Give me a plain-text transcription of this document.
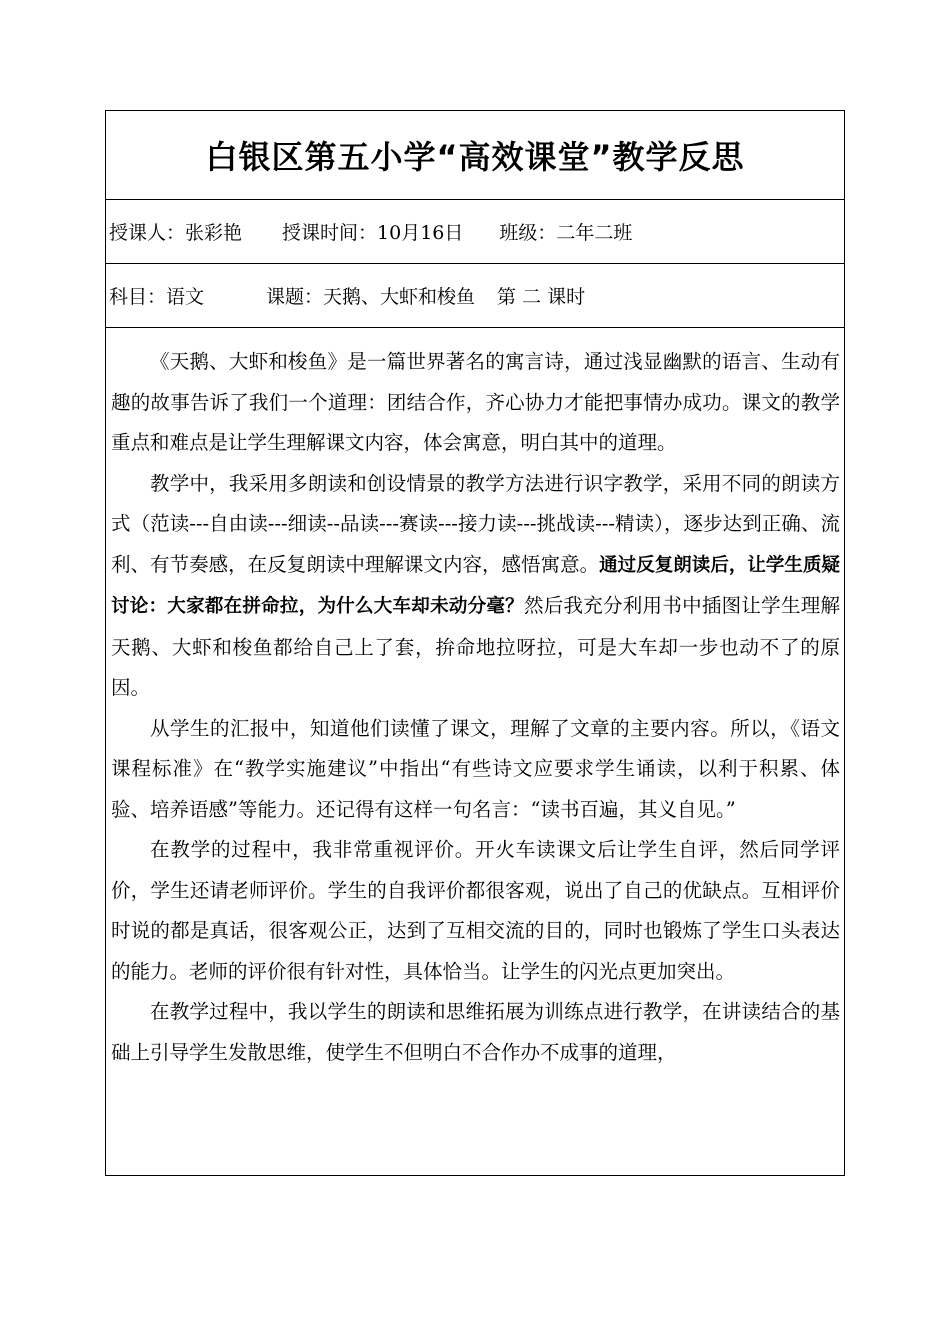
白银区第五小学“高效课堂”教学反思
授课人：张彩艳 授课时间：10月16日 班级：二年二班
科目：语文	课题：天鹅、大虾和梭鱼 第 二 课时

《天鹅、大虾和梭鱼》是一篇世界著名的寓言诗，通过浅显幽默的语言、生动有趣的故事告诉了我们一个道理：团结合作，齐心协力才能把事情办成功。课文的教学重点和难点是让学生理解课文内容，体会寓意，明白其中的道理。

教学中，我采用多朗读和创设情景的教学方法进行识字教学，采用不同的朗读方式（范读---自由读---细读--品读---赛读---接力读---挑战读---精读），逐步达到正确、流利、有节奏感，在反复朗读中理解课文内容，感悟寓意。通过反复朗读后，让学生质疑讨论：大家都在拼命拉，为什么大车却未动分毫？然后我充分利用书中插图让学生理解天鹅、大虾和梭鱼都给自己上了套，拚命地拉呀拉，可是大车却一步也动不了的原因。

从学生的汇报中，知道他们读懂了课文，理解了文章的主要内容。所以，《语文课程标准》在“教学实施建议”中指出“有些诗文应要求学生诵读，以利于积累、体验、培养语感”等能力。还记得有这样一句名言：“读书百遍，其义自见。”

在教学的过程中，我非常重视评价。开火车读课文后让学生自评，然后同学评价，学生还请老师评价。学生的自我评价都很客观，说出了自己的优缺点。互相评价时说的都是真话，很客观公正，达到了互相交流的目的，同时也锻炼了学生口头表达的能力。老师的评价很有针对性，具体恰当。让学生的闪光点更加突出。

在教学过程中，我以学生的朗读和思维拓展为训练点进行教学，在讲读结合的基础上引导学生发散思维，使学生不但明白不合作办不成事的道理，
